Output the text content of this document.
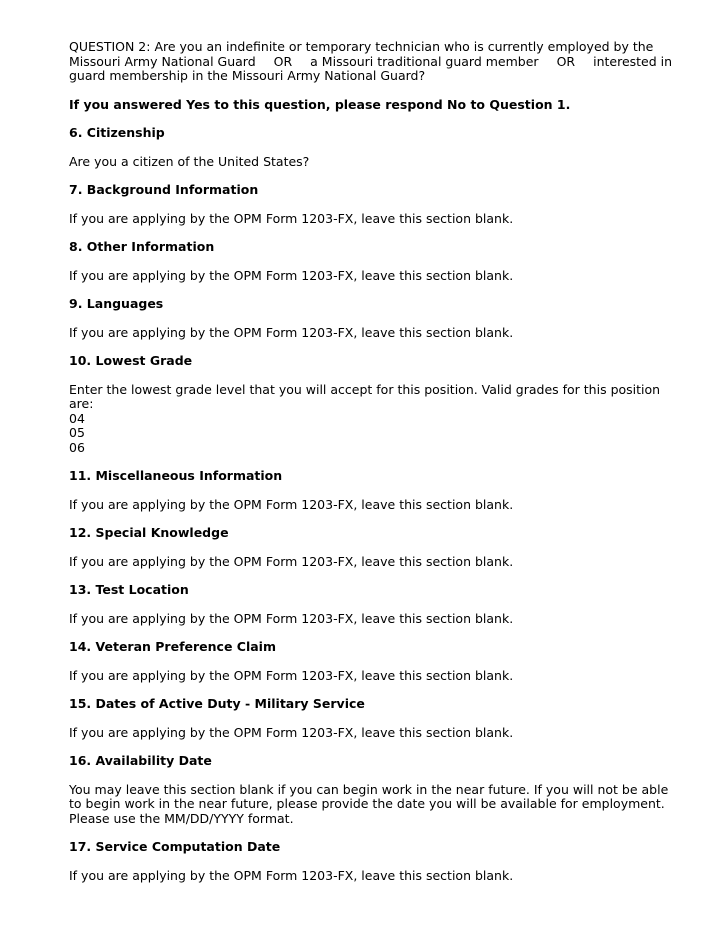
QUESTION 2: Are you an indefinite or temporary technician who is currently employed by the
Missouri Army National Guard OR a Missouri traditional guard member OR interested in
guard membership in the Missouri Army National Guard?

If you answered Yes to this question, please respond No to Question 1.

6. Citizenship

Are you a citizen of the United States?

7. Background Information

If you are applying by the OPM Form 1203-FX, leave this section blank.

8. Other Information

If you are applying by the OPM Form 1203-FX, leave this section blank.

9. Languages

If you are applying by the OPM Form 1203-FX, leave this section blank.

10. Lowest Grade

Enter the lowest grade level that you will accept for this position. Valid grades for this position are:

04
05
06

11. Miscellaneous Information

If you are applying by the OPM Form 1203-FX, leave this section blank.

12. Special Knowledge

If you are applying by the OPM Form 1203-FX, leave this section blank.

13. Test Location

If you are applying by the OPM Form 1203-FX, leave this section blank.

14. Veteran Preference Claim

If you are applying by the OPM Form 1203-FX, leave this section blank.

15. Dates of Active Duty - Military Service

If you are applying by the OPM Form 1203-FX, leave this section blank.

16. Availability Date

You may leave this section blank if you can begin work in the near future. If you will not be able to begin work in the near future, please provide the date you will be available for employment. Please use the MM/DD/YYYY format.

17. Service Computation Date

If you are applying by the OPM Form 1203-FX, leave this section blank.
